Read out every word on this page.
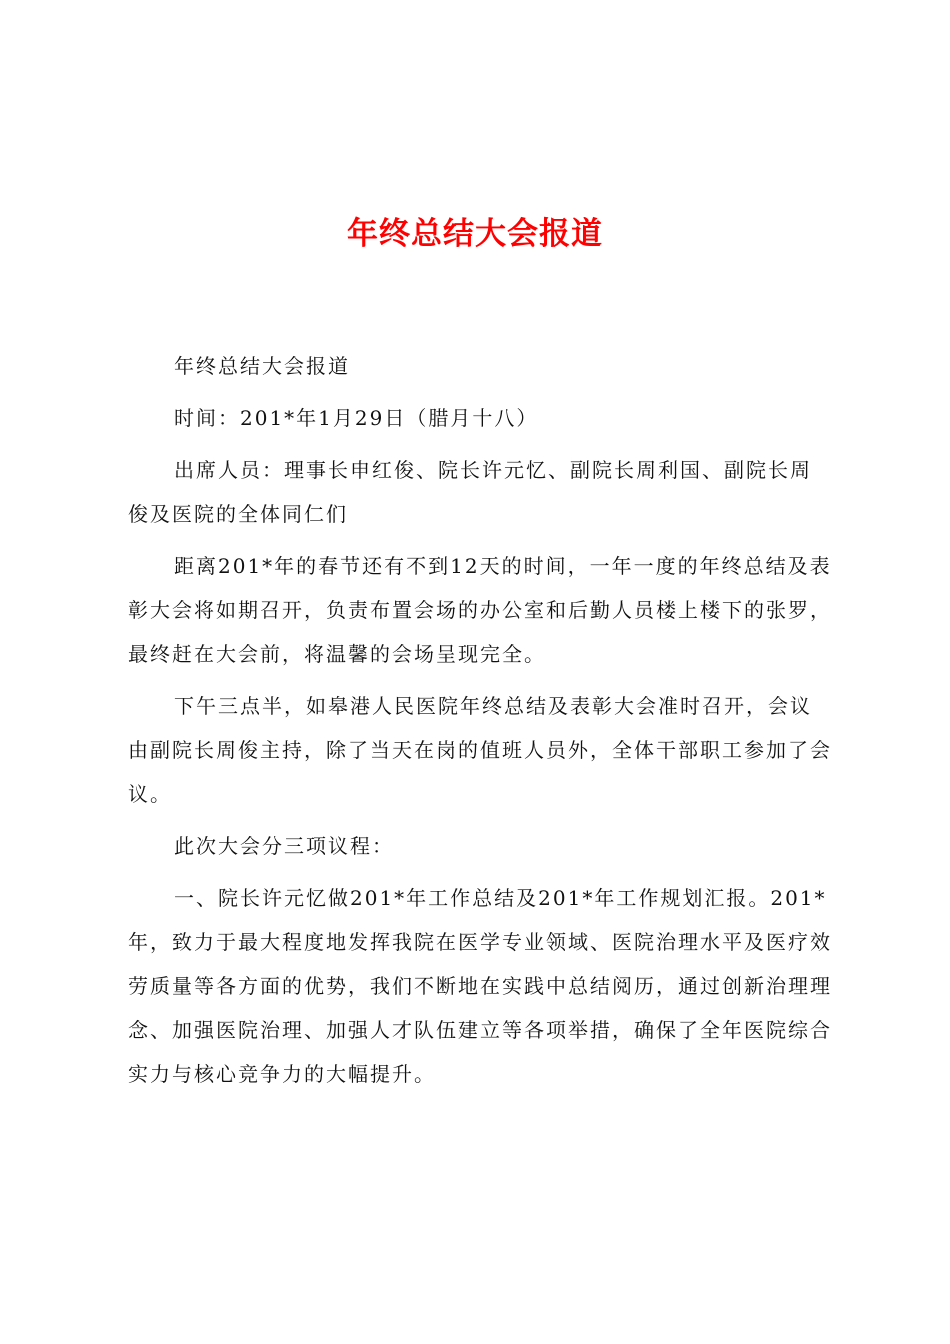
年终总结大会报道

年终总结大会报道

时间：201*年1月29日（腊月十八）

出席人员：理事长申红俊、院长许元忆、副院长周利国、副院长周俊及医院的全体同仁们

距离201*年的春节还有不到12天的时间，一年一度的年终总结及表彰大会将如期召开，负责布置会场的办公室和后勤人员楼上楼下的张罗，最终赶在大会前，将温馨的会场呈现完全。

下午三点半，如皋港人民医院年终总结及表彰大会准时召开，会议由副院长周俊主持，除了当天在岗的值班人员外，全体干部职工参加了会议。

此次大会分三项议程：

一、院长许元忆做201*年工作总结及201*年工作规划汇报。201*年，致力于最大程度地发挥我院在医学专业领域、医院治理水平及医疗效劳质量等各方面的优势，我们不断地在实践中总结阅历，通过创新治理理念、加强医院治理、加强人才队伍建立等各项举措，确保了全年医院综合实力与核心竞争力的大幅提升。
